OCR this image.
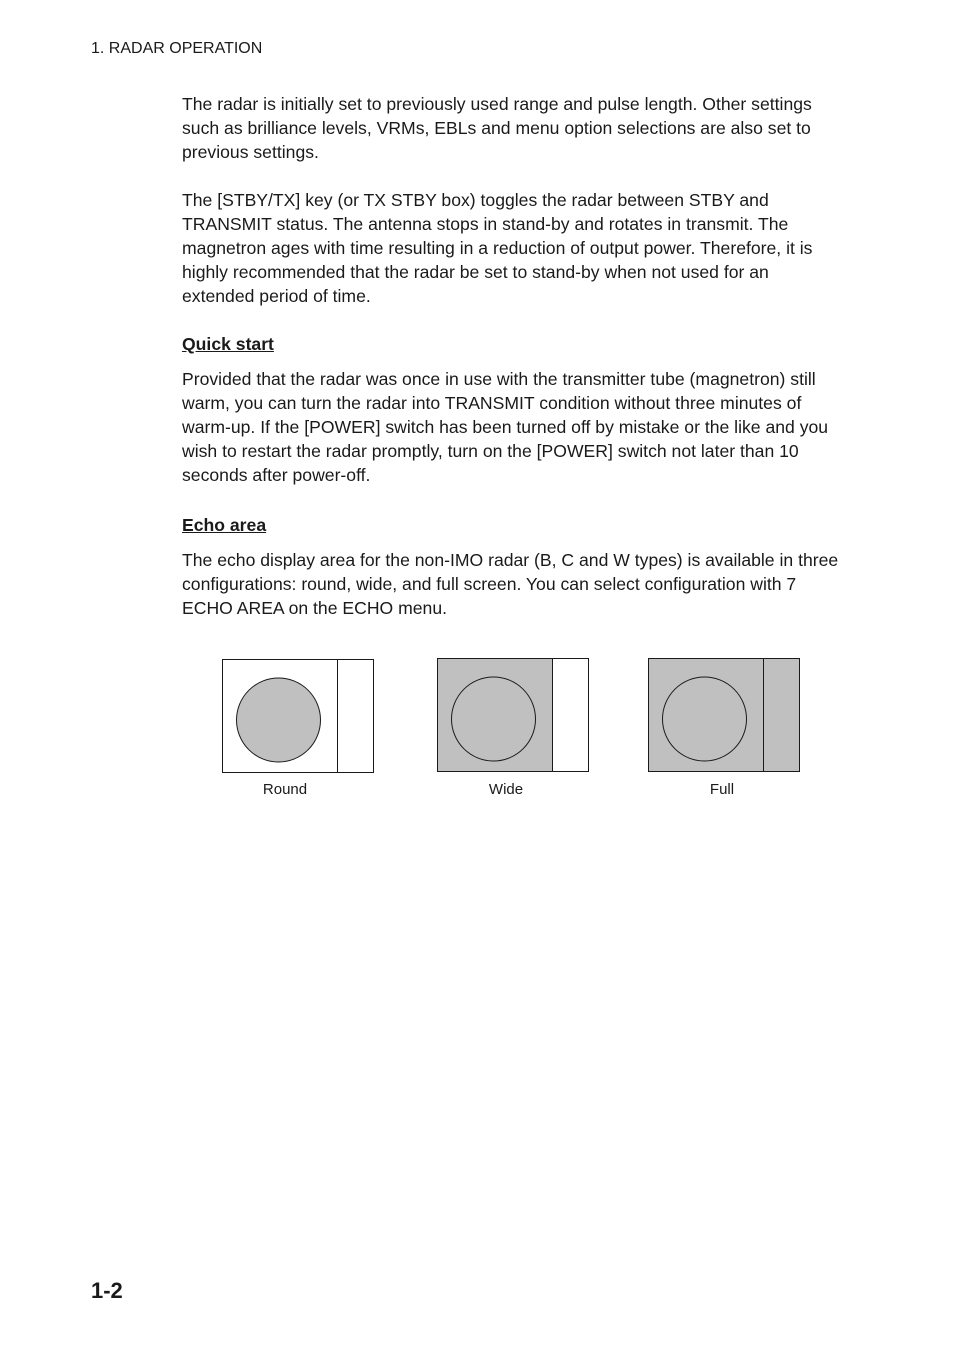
1. RADAR OPERATION

The radar is initially set to previously used range and pulse length. Other settings such as brilliance levels, VRMs, EBLs and menu option selections are also set to previous settings.

The [STBY/TX] key (or TX STBY box) toggles the radar between STBY and TRANSMIT status. The antenna stops in stand-by and rotates in transmit. The magnetron ages with time resulting in a reduction of output power. Therefore, it is highly recommended that the radar be set to stand-by when not used for an extended period of time.

Quick start

Provided that the radar was once in use with the transmitter tube (magnetron) still warm, you can turn the radar into TRANSMIT condition without three minutes of warm-up. If the [POWER] switch has been turned off by mistake or the like and you wish to restart the radar promptly, turn on the [POWER] switch not later than 10 seconds after power-off.

Echo area

The echo display area for the non-IMO radar (B, C and W types) is available in three configurations: round, wide, and full screen. You can select configuration with 7 ECHO AREA on the ECHO menu.

Round	Wide	Full
1-2
